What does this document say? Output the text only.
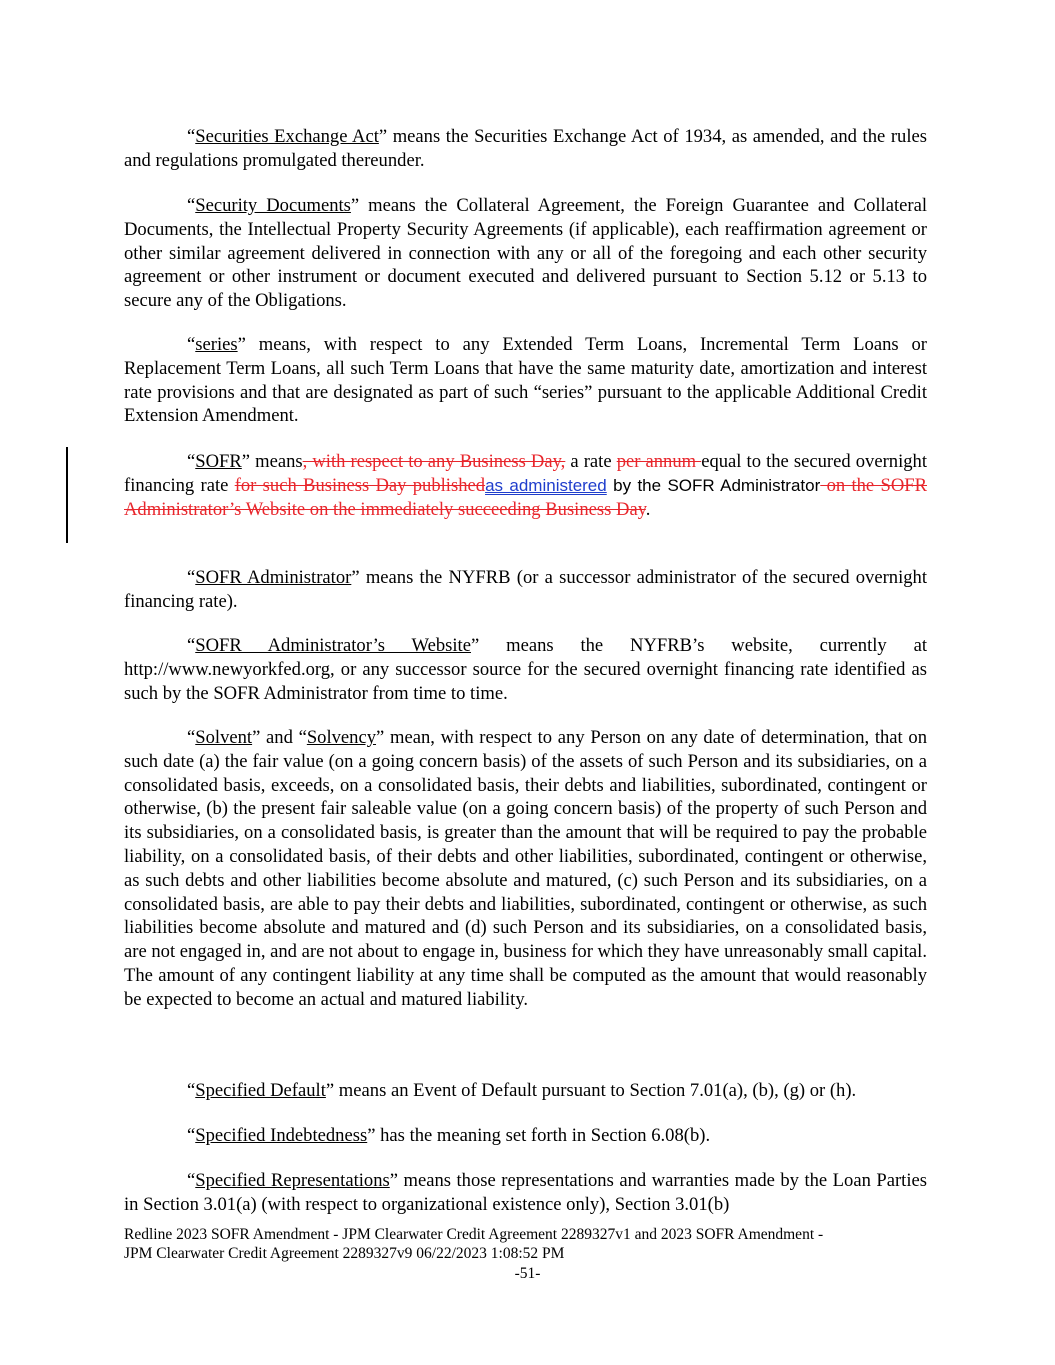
“Securities Exchange Act” means the Securities Exchange Act of 1934, as amended, and the rules and regulations promulgated thereunder.

“Security Documents” means the Collateral Agreement, the Foreign Guarantee and Collateral Documents, the Intellectual Property Security Agreements (if applicable), each reaffirmation agreement or other similar agreement delivered in connection with any or all of the foregoing and each other security agreement or other instrument or document executed and delivered pursuant to Section 5.12 or 5.13 to secure any of the Obligations.

“series” means, with respect to any Extended Term Loans, Incremental Term Loans or Replacement Term Loans, all such Term Loans that have the same maturity date, amortization and interest rate provisions and that are designated as part of such “series” pursuant to the applicable Additional Credit Extension Amendment.

“SOFR” means, with respect to any Business Day, a rate per annum equal to the secured overnight financing rate for such Business Day publishedas administered by the SOFR Administrator on the SOFR Administrator’s Website on the immediately succeeding Business Day.

“SOFR Administrator” means the NYFRB (or a successor administrator of the secured overnight financing rate).

“SOFR Administrator’s Website” means the NYFRB’s website, currently at http://www.newyorkfed.org, or any successor source for the secured overnight financing rate identified as such by the SOFR Administrator from time to time.

“Solvent” and “Solvency” mean, with respect to any Person on any date of determination, that on such date (a) the fair value (on a going concern basis) of the assets of such Person and its subsidiaries, on a consolidated basis, exceeds, on a consolidated basis, their debts and liabilities, subordinated, contingent or otherwise, (b) the present fair saleable value (on a going concern basis) of the property of such Person and its subsidiaries, on a consolidated basis, is greater than the amount that will be required to pay the probable liability, on a consolidated basis, of their debts and other liabilities, subordinated, contingent or otherwise, as such debts and other liabilities become absolute and matured, (c) such Person and its subsidiaries, on a consolidated basis, are able to pay their debts and liabilities, subordinated, contingent or otherwise, as such liabilities become absolute and matured and (d) such Person and its subsidiaries, on a consolidated basis, are not engaged in, and are not about to engage in, business for which they have unreasonably small capital. The amount of any contingent liability at any time shall be computed as the amount that would reasonably be expected to become an actual and matured liability.

“Specified Default” means an Event of Default pursuant to Section 7.01(a), (b), (g) or (h).

“Specified Indebtedness” has the meaning set forth in Section 6.08(b).

“Specified Representations” means those representations and warranties made by the Loan Parties in Section 3.01(a) (with respect to organizational existence only), Section 3.01(b)

Redline 2023 SOFR Amendment - JPM Clearwater Credit Agreement 2289327v1 and 2023 SOFR Amendment -
JPM Clearwater Credit Agreement 2289327v9 06/22/2023 1:08:52 PM
-51-
